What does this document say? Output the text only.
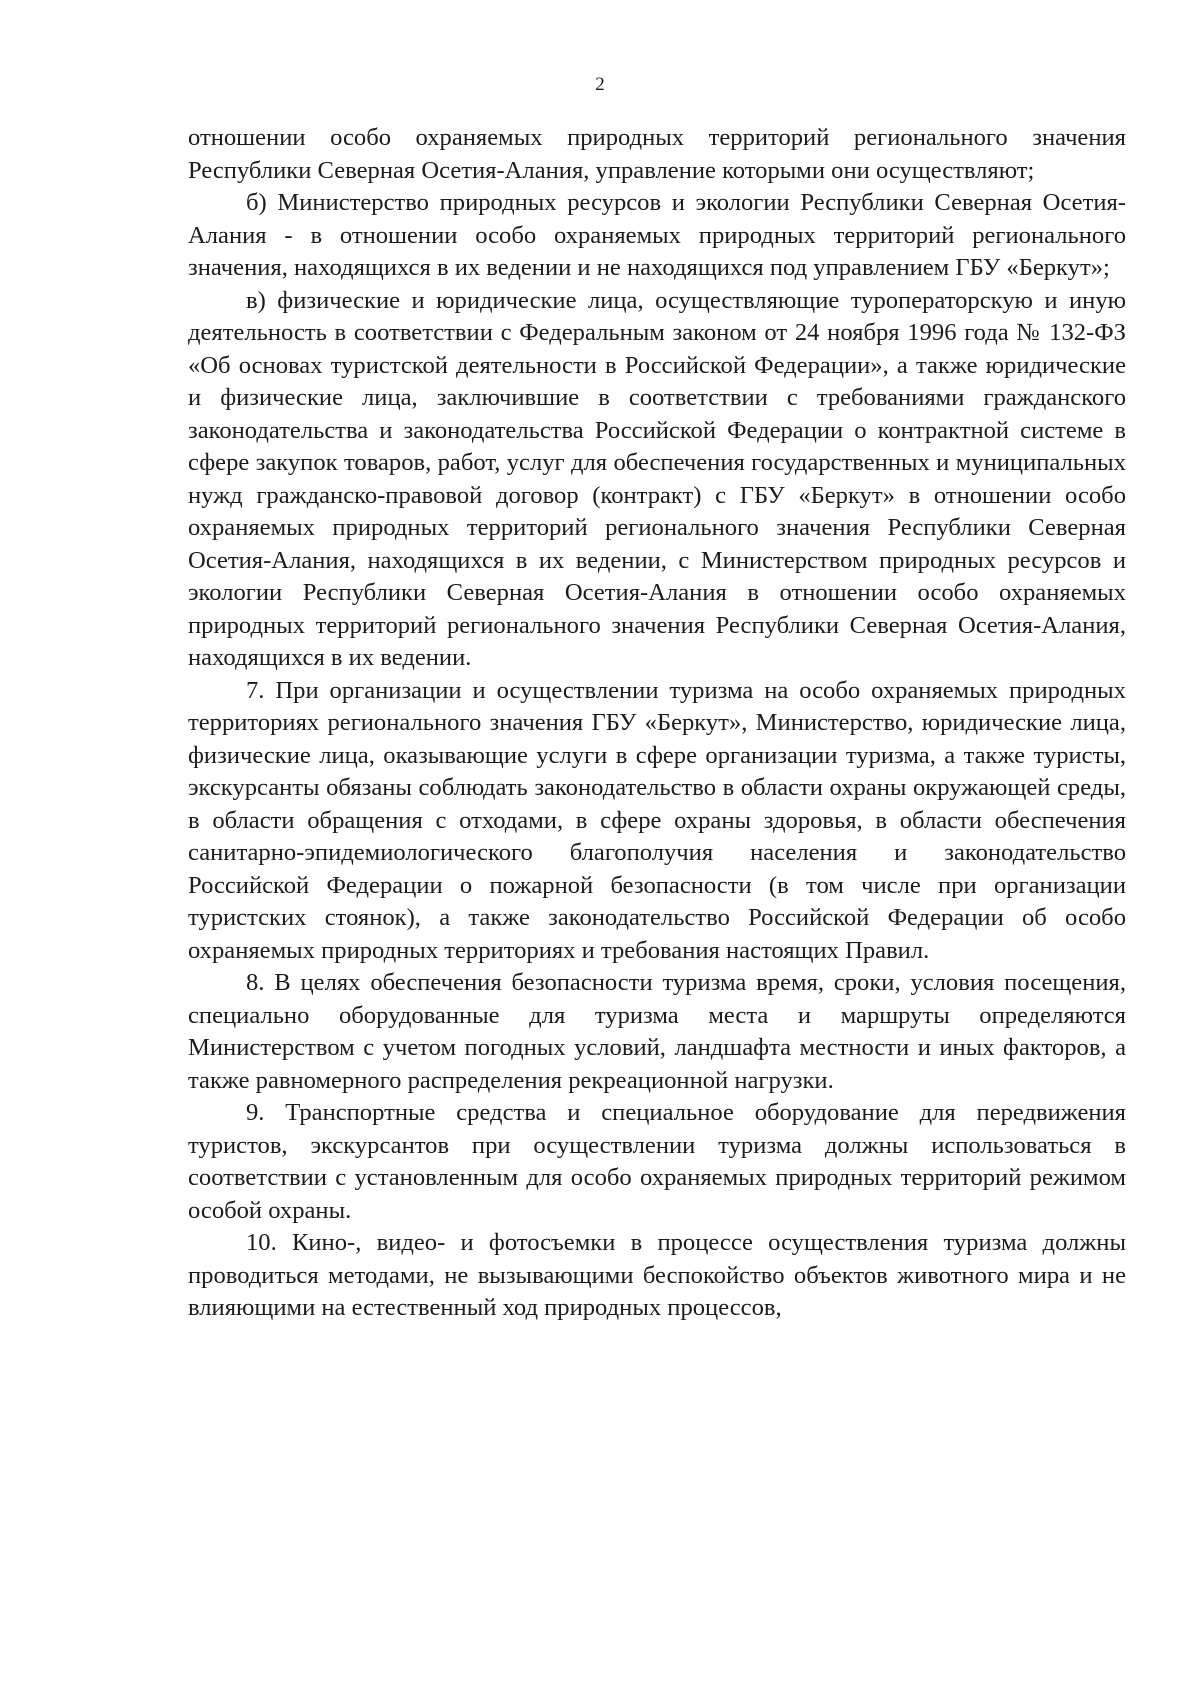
2

отношении особо охраняемых природных территорий регионального значения Республики Северная Осетия-Алания, управление которыми они осуществляют;

б) Министерство природных ресурсов и экологии Республики Северная Осетия-Алания - в отношении особо охраняемых природных территорий регионального значения, находящихся в их ведении и не находящихся под управлением ГБУ «Беркут»;

в) физические и юридические лица, осуществляющие туроператорскую и иную деятельность в соответствии с Федеральным законом от 24 ноября 1996 года № 132-ФЗ «Об основах туристской деятельности в Российской Федерации», а также юридические и физические лица, заключившие в соответствии с требованиями гражданского законодательства и законодательства Российской Федерации о контрактной системе в сфере закупок товаров, работ, услуг для обеспечения государственных и муниципальных нужд гражданско-правовой договор (контракт) с ГБУ «Беркут» в отношении особо охраняемых природных территорий регионального значения Республики Северная Осетия-Алания, находящихся в их ведении, с Министерством природных ресурсов и экологии Республики Северная Осетия-Алания в отношении особо охраняемых природных территорий регионального значения Республики Северная Осетия-Алания, находящихся в их ведении.

7. При организации и осуществлении туризма на особо охраняемых природных территориях регионального значения ГБУ «Беркут», Министерство, юридические лица, физические лица, оказывающие услуги в сфере организации туризма, а также туристы, экскурсанты обязаны соблюдать законодательство в области охраны окружающей среды, в области обращения с отходами, в сфере охраны здоровья, в области обеспечения санитарно-эпидемиологического благополучия населения и законодательство Российской Федерации о пожарной безопасности (в том числе при организации туристских стоянок), а также законодательство Российской Федерации об особо охраняемых природных территориях и требования настоящих Правил.

8. В целях обеспечения безопасности туризма время, сроки, условия посещения, специально оборудованные для туризма места и маршруты определяются Министерством с учетом погодных условий, ландшафта местности и иных факторов, а также равномерного распределения рекреационной нагрузки.

9. Транспортные средства и специальное оборудование для передвижения туристов, экскурсантов при осуществлении туризма должны использоваться в соответствии с установленным для особо охраняемых природных территорий режимом особой охраны.

10. Кино-, видео- и фотосъемки в процессе осуществления туризма должны проводиться методами, не вызывающими беспокойство объектов животного мира и не влияющими на естественный ход природных процессов,
